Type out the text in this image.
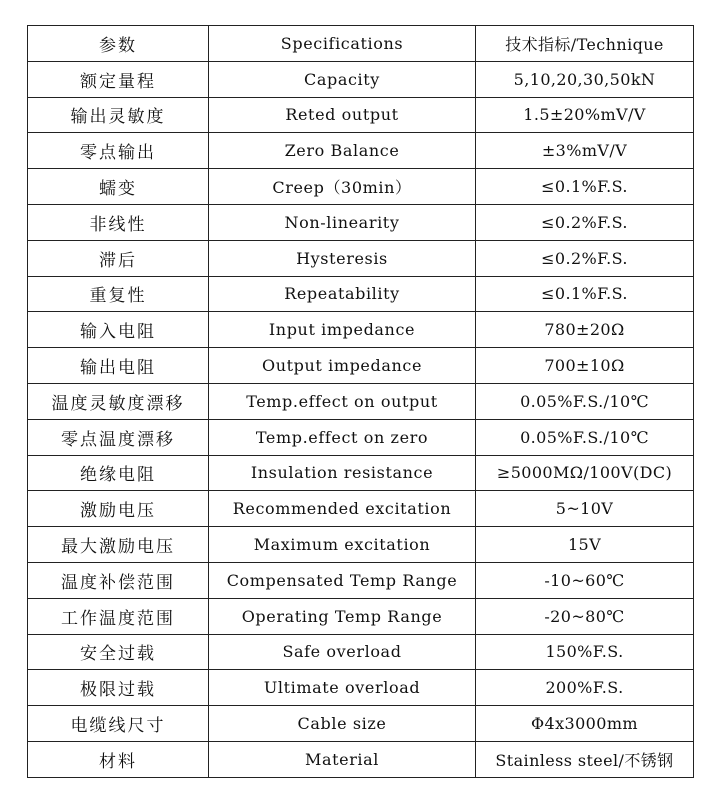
参数	Specifications	技术指标/Technique
额定量程	Capacity	5,10,20,30,50kN
输出灵敏度	Reted output	1.5±20%mV/V
零点输出	Zero Balance	±3%mV/V
蠕变	Creep（30min）	≤0.1%F.S.
非线性	Non-linearity	≤0.2%F.S.
滞后	Hysteresis	≤0.2%F.S.
重复性	Repeatability	≤0.1%F.S.
输入电阻	Input impedance	780±20Ω
输出电阻	Output impedance	700±10Ω
温度灵敏度漂移	Temp.effect on output	0.05%F.S./10℃
零点温度漂移	Temp.effect on zero	0.05%F.S./10℃
绝缘电阻	Insulation resistance	≥5000MΩ/100V(DC)
激励电压	Recommended excitation	5~10V
最大激励电压	Maximum excitation	15V
温度补偿范围	Compensated Temp Range	-10~60℃
工作温度范围	Operating Temp Range	-20~80℃
安全过载	Safe overload	150%F.S.
极限过载	Ultimate overload	200%F.S.
电缆线尺寸	Cable size	Φ4x3000mm
材料	Material	Stainless steel/不锈钢
